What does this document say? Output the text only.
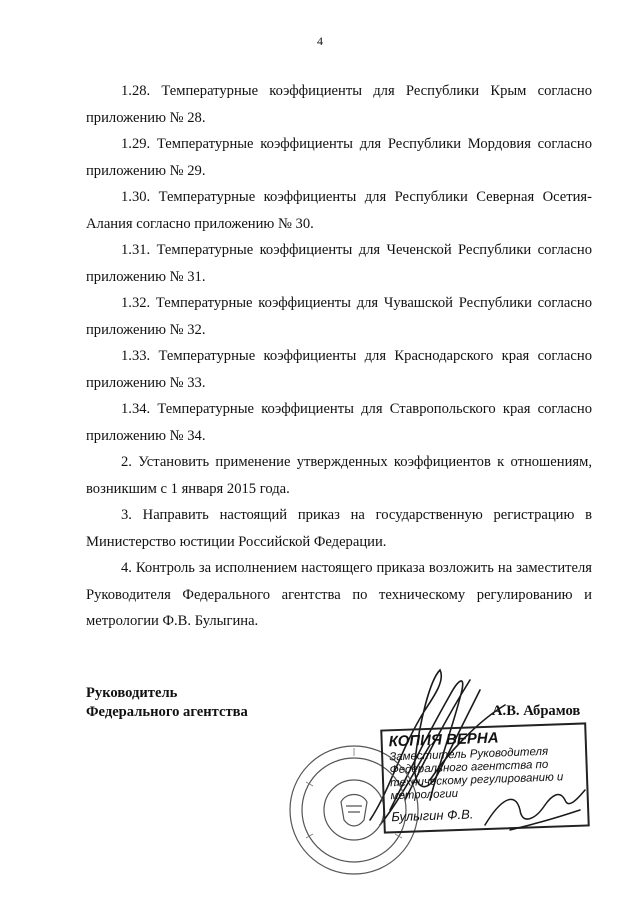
4

1.28. Температурные коэффициенты для Республики Крым согласно приложению № 28.

1.29. Температурные коэффициенты для Республики Мордовия согласно приложению № 29.

1.30. Температурные коэффициенты для Республики Северная Осетия-Алания согласно приложению № 30.

1.31. Температурные коэффициенты для Чеченской Республики согласно приложению № 31.

1.32. Температурные коэффициенты для Чувашской Республики согласно приложению № 32.

1.33. Температурные коэффициенты для Краснодарского края согласно приложению № 33.

1.34. Температурные коэффициенты для Ставропольского края согласно приложению № 34.

2. Установить применение утвержденных коэффициентов к отношениям, возникшим с 1 января 2015 года.

3. Направить настоящий приказ на государственную регистрацию в Министерство юстиции Российской Федерации.

4. Контроль за исполнением настоящего приказа возложить на заместителя Руководителя Федерального агентства по техническому регулированию и метрологии Ф.В. Булыгина.

Руководитель
Федерального агентства	А.В. Абрамов
КОПИЯ ВЕРНА
Заместитель Руководителя
Федерального агентства по
техническому регулированию и
метрологии
Булыгин Ф.В.
